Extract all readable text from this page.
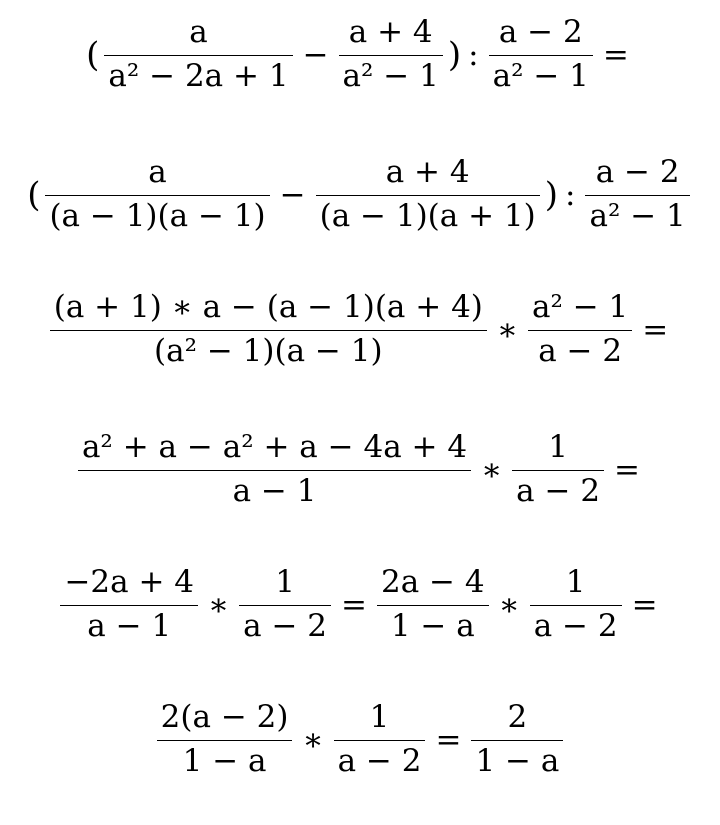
( $\frac{a}{\text{a² − 2a + 1}} - \frac{a + 4}{\text{a² − 1}}$ ) : $\frac{a - 2}{\text{a² − 1}}$ =
( $\frac{a}{(a - 1)(a - 1)} - \frac{a + 4}{(a - 1)(a + 1)}$ ) : $\frac{a - 2}{\text{a² − 1}}$
$\frac{(a + 1) ∗ a - (a - 1)(a + 4)}{\text{(a² − 1)(a − 1)}}$ ∗ $\frac{\text{a² − 1}}{a - 2}$ =
$\frac{\text{a² + a − a² + a − 4a + 4}}{a - 1}$ ∗ $\frac{1}{a - 2}$ =
$\frac{-2a + 4}{a - 1}$ ∗ $\frac{1}{a - 2} = \frac{2a - 4}{1 - a}$ ∗ $\frac{1}{a - 2}$ =
$\frac{2(a - 2)}{1 - a}$ ∗ $\frac{1}{a - 2} = \frac{2}{1 - a}$
